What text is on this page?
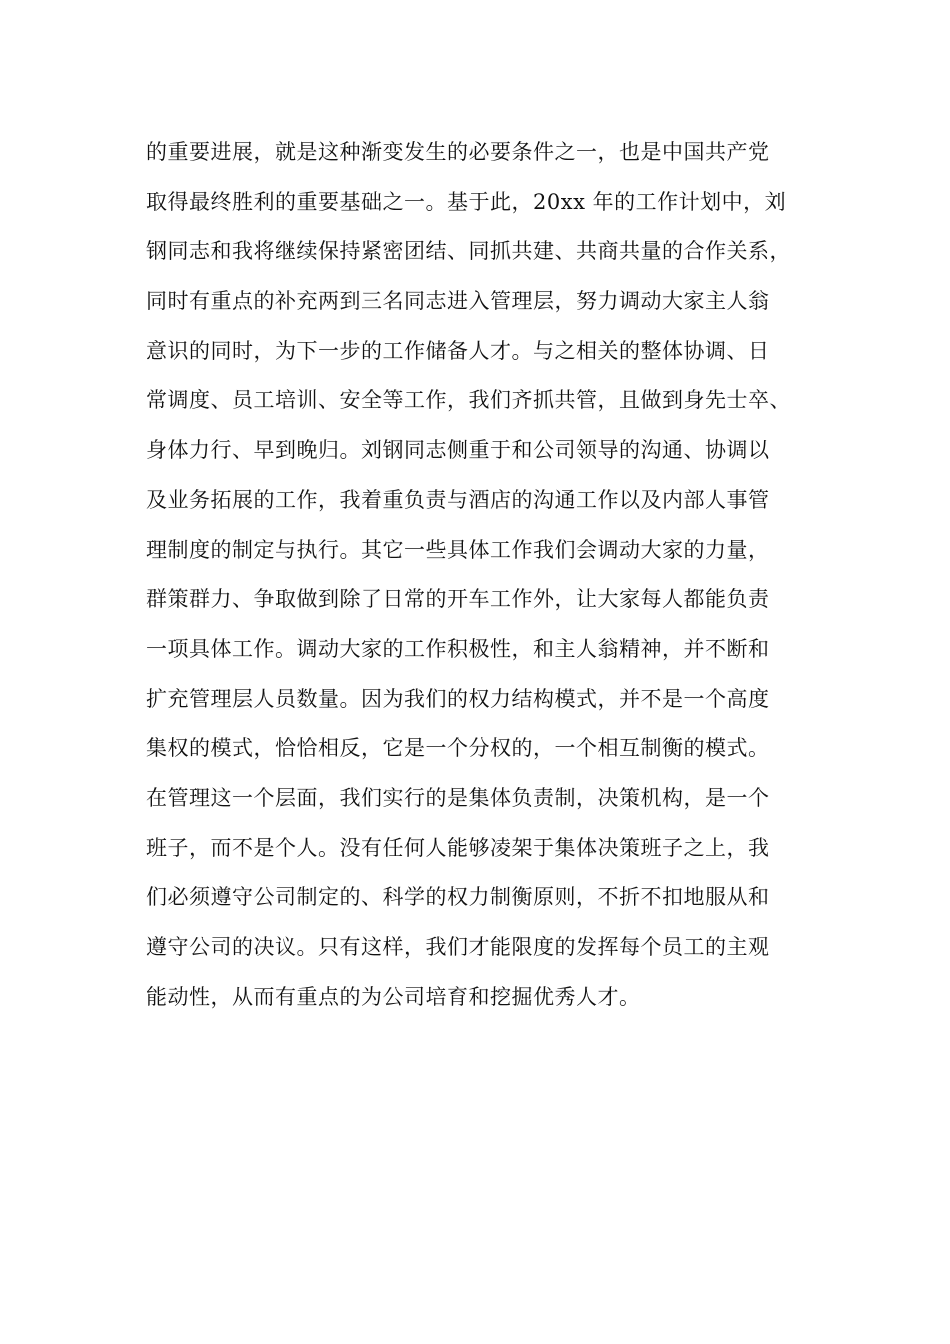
的重要进展，就是这种渐变发生的必要条件之一，也是中国共产党
取得最终胜利的重要基础之一。基于此，20xx 年的工作计划中，刘
钢同志和我将继续保持紧密团结、同抓共建、共商共量的合作关系，
同时有重点的补充两到三名同志进入管理层，努力调动大家主人翁
意识的同时，为下一步的工作储备人才。与之相关的整体协调、日
常调度、员工培训、安全等工作，我们齐抓共管，且做到身先士卒、
身体力行、早到晚归。刘钢同志侧重于和公司领导的沟通、协调以
及业务拓展的工作，我着重负责与酒店的沟通工作以及内部人事管
理制度的制定与执行。其它一些具体工作我们会调动大家的力量，
群策群力、争取做到除了日常的开车工作外，让大家每人都能负责
一项具体工作。调动大家的工作积极性，和主人翁精神，并不断和
扩充管理层人员数量。因为我们的权力结构模式，并不是一个高度
集权的模式，恰恰相反，它是一个分权的，一个相互制衡的模式。
在管理这一个层面，我们实行的是集体负责制，决策机构，是一个
班子，而不是个人。没有任何人能够凌架于集体决策班子之上，我
们必须遵守公司制定的、科学的权力制衡原则，不折不扣地服从和
遵守公司的决议。只有这样，我们才能限度的发挥每个员工的主观
能动性，从而有重点的为公司培育和挖掘优秀人才。
